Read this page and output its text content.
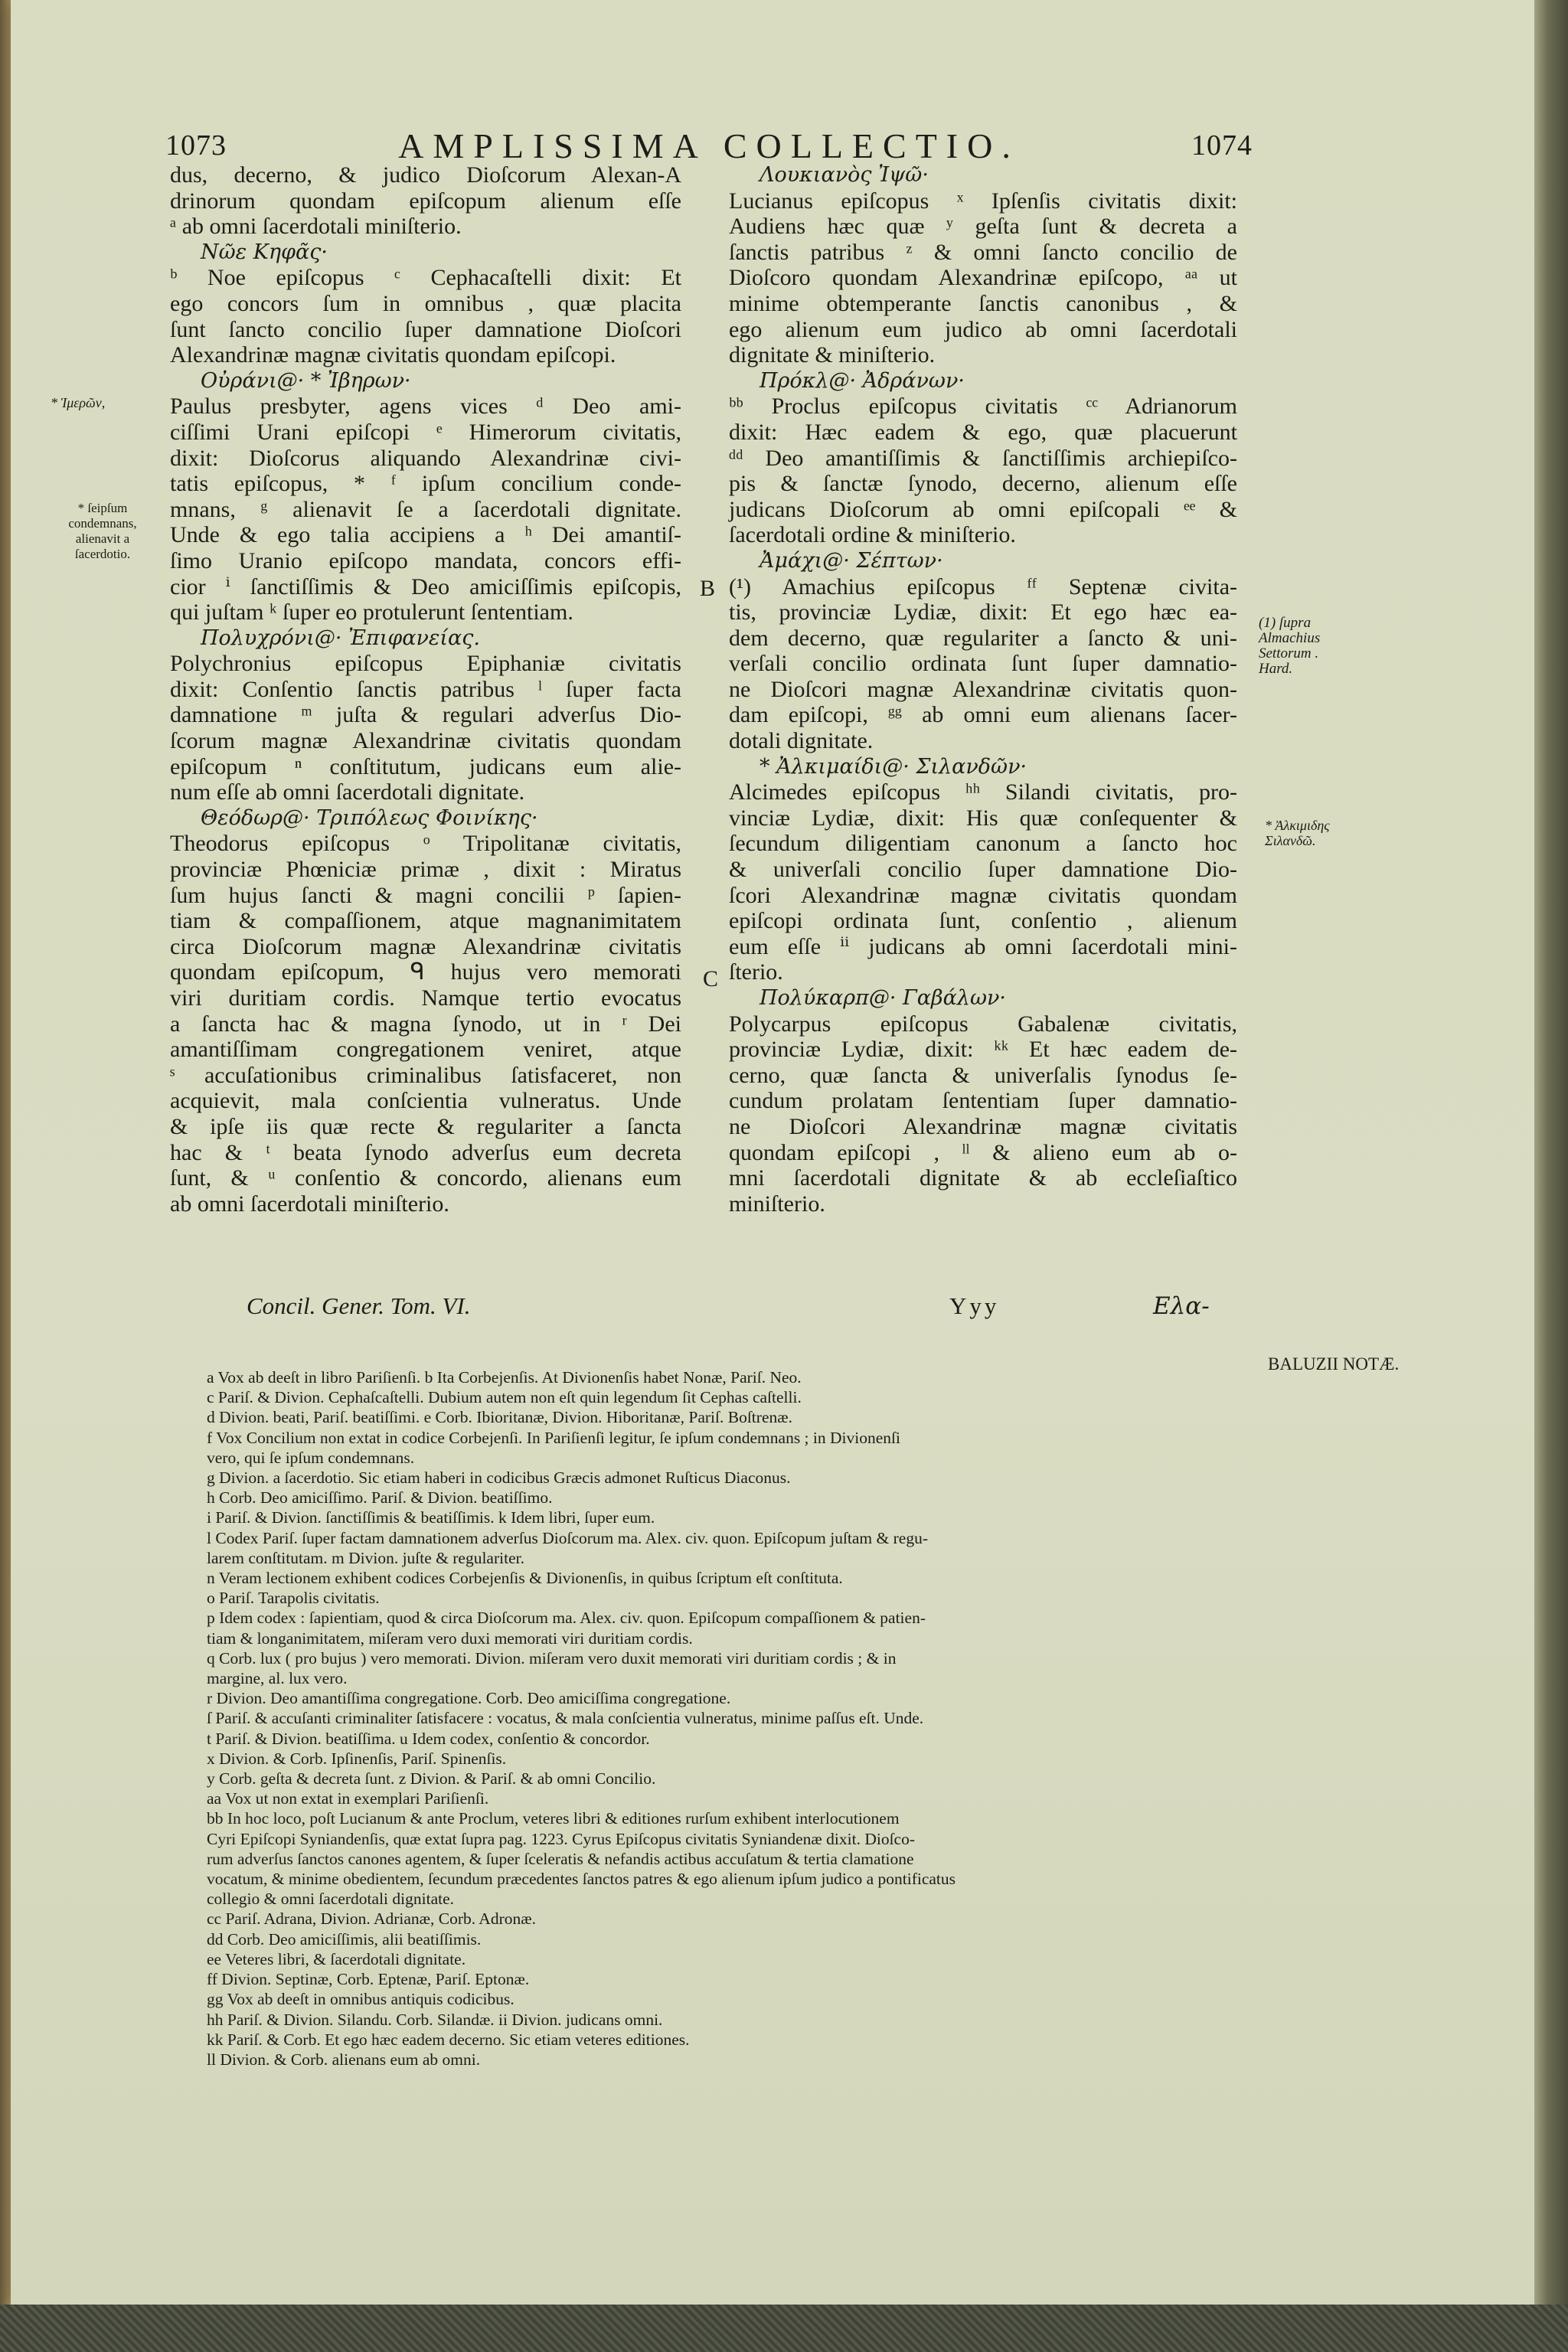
1073	AMPLISSIMA COLLECTIO.	1074

dus, decerno, & judico Dioſcorum Alexan-A

drinorum quondam epiſcopum alienum eſſe

ᵃ ab omni ſacerdotali miniſterio.

Νῶε Κηφᾶς·

ᵇ Noe epiſcopus ᶜ Cephacaſtelli dixit: Et

ego concors ſum in omnibus , quæ placita

ſunt ſancto concilio ſuper damnatione Dioſcori

Alexandrinæ magnæ civitatis quondam epiſcopi.

Οὐράνι@· * Ἰβηρων·

Paulus presbyter, agens vices ᵈ Deo ami-

ciſſimi Urani epiſcopi ᵉ Himerorum civitatis,

dixit: Dioſcorus aliquando Alexandrinæ civi-

tatis epiſcopus, * ᶠ ipſum concilium conde-

mnans, ᵍ alienavit ſe a ſacerdotali dignitate.

Unde & ego talia accipiens a ʰ Dei amantiſ-

ſimo Uranio epiſcopo mandata, concors effi-

cior ⁱ ſanctiſſimis & Deo amiciſſimis epiſcopis,

qui juſtam ᵏ ſuper eo protulerunt ſententiam.

Πολυχρόνι@· Ἐπιφανείας.

Polychronius epiſcopus Epiphaniæ civitatis

dixit: Conſentio ſanctis patribus ˡ ſuper facta

damnatione ᵐ juſta & regulari adverſus Dio-

ſcorum magnæ Alexandrinæ civitatis quondam

epiſcopum ⁿ conſtitutum, judicans eum alie-

num eſſe ab omni ſacerdotali dignitate.

Θεόδωρ@· Τριπόλεως Φοινίκης·

Theodorus epiſcopus ᵒ Tripolitanæ civitatis,

provinciæ Phœniciæ primæ , dixit : Miratus

ſum hujus ſancti & magni concilii ᵖ ſapien-

tiam & compaſſionem, atque magnanimitatem

circa Dioſcorum magnæ Alexandrinæ civitatis

quondam epiſcopum, ᑫ hujus vero memorati

viri duritiam cordis. Namque tertio evocatus

a ſancta hac & magna ſynodo, ut in ʳ Dei

amantiſſimam congregationem veniret, atque

ˢ accuſationibus criminalibus ſatisfaceret, non

acquievit, mala conſcientia vulneratus. Unde

& ipſe iis quæ recte & regulariter a ſancta

hac & ᵗ beata ſynodo adverſus eum decreta

ſunt, & ᵘ conſentio & concordo, alienans eum

ab omni ſacerdotali miniſterio.

Λουκιανὸς Ἰψῶ·

Lucianus epiſcopus ˣ Ipſenſis civitatis dixit:

Audiens hæc quæ ʸ geſta ſunt & decreta a

ſanctis patribus ᶻ & omni ſancto concilio de

Dioſcoro quondam Alexandrinæ epiſcopo, ᵃᵃ ut

minime obtemperante ſanctis canonibus , &

ego alienum eum judico ab omni ſacerdotali

dignitate & miniſterio.

Πρόκλ@· Ἀδράνων·

ᵇᵇ Proclus epiſcopus civitatis ᶜᶜ Adrianorum

dixit: Hæc eadem & ego, quæ placuerunt

ᵈᵈ Deo amantiſſimis & ſanctiſſimis archiepiſco-

pis & ſanctæ ſynodo, decerno, alienum eſſe

judicans Dioſcorum ab omni epiſcopali ᵉᵉ &

ſacerdotali ordine & miniſterio.

Ἀμάχι@· Σέπτων·

(¹) Amachius epiſcopus ᶠᶠ Septenæ civita-

tis, provinciæ Lydiæ, dixit: Et ego hæc ea-

dem decerno, quæ regulariter a ſancto & uni-

verſali concilio ordinata ſunt ſuper damnatio-

ne Dioſcori magnæ Alexandrinæ civitatis quon-

dam epiſcopi, ᵍᵍ ab omni eum alienans ſacer-

dotali dignitate.

* Ἀλκιμαίδι@· Σιλανδῶν·

Alcimedes epiſcopus ʰʰ Silandi civitatis, pro-

vinciæ Lydiæ, dixit: His quæ conſequenter &

ſecundum diligentiam canonum a ſancto hoc

& univerſali concilio ſuper damnatione Dio-

ſcori Alexandrinæ magnæ civitatis quondam

epiſcopi ordinata ſunt, conſentio , alienum

eum eſſe ⁱⁱ judicans ab omni ſacerdotali mini-

ſterio.

Πολύκαρπ@· Γαβάλων·

Polycarpus epiſcopus Gabalenæ civitatis,

provinciæ Lydiæ, dixit: ᵏᵏ Et hæc eadem de-

cerno, quæ ſancta & univerſalis ſynodus ſe-

cundum prolatam ſententiam ſuper damnatio-

ne Dioſcori Alexandrinæ magnæ civitatis

quondam epiſcopi , ˡˡ & alieno eum ab o-

mni ſacerdotali dignitate & ab eccleſiaſtico

miniſterio.

* Ἱμερῶν,
* ſeipſum condemnans, alienavit a ſacerdotio.
(1) ſupra Almachius Settorum . Hard.
* Ἀλκιμιδης Σιλανδῶ.
B
C
Concil. Gener. Tom. VI.	Yyy	Ελα-
BALUZII NOTÆ.
a Vox ab deeſt in libro Pariſienſi. b Ita Corbejenſis. At Divionenſis habet Nonæ, Pariſ. Neo.
c Pariſ. & Divion. Cephaſcaſtelli. Dubium autem non eſt quin legendum ſit Cephas caſtelli.
d Divion. beati, Pariſ. beatiſſimi. e Corb. Ibioritanæ, Divion. Hiboritanæ, Pariſ. Boſtrenæ.
f Vox Concilium non extat in codice Corbejenſi. In Pariſienſi legitur, ſe ipſum condemnans ; in Divionenſi
vero, qui ſe ipſum condemnans.
g Divion. a ſacerdotio. Sic etiam haberi in codicibus Græcis admonet Ruſticus Diaconus.
h Corb. Deo amiciſſimo. Pariſ. & Divion. beatiſſimo.
i Pariſ. & Divion. ſanctiſſimis & beatiſſimis. k Idem libri, ſuper eum.
l Codex Pariſ. ſuper factam damnationem adverſus Dioſcorum ma. Alex. civ. quon. Epiſcopum juſtam & regu-
larem conſtitutam. m Divion. juſte & regulariter.
n Veram lectionem exhibent codices Corbejenſis & Divionenſis, in quibus ſcriptum eſt conſtituta.
o Pariſ. Tarapolis civitatis.
p Idem codex : ſapientiam, quod & circa Dioſcorum ma. Alex. civ. quon. Epiſcopum compaſſionem & patien-
tiam & longanimitatem, miſeram vero duxi memorati viri duritiam cordis.
q Corb. lux ( pro bujus ) vero memorati. Divion. miſeram vero duxit memorati viri duritiam cordis ; & in
margine, al. lux vero.
r Divion. Deo amantiſſima congregatione. Corb. Deo amiciſſima congregatione.
ſ Pariſ. & accuſanti criminaliter ſatisfacere : vocatus, & mala conſcientia vulneratus, minime paſſus eſt. Unde.
t Pariſ. & Divion. beatiſſima. u Idem codex, conſentio & concordor.
x Divion. & Corb. Ipſinenſis, Pariſ. Spinenſis.
y Corb. geſta & decreta ſunt. z Divion. & Pariſ. & ab omni Concilio.
aa Vox ut non extat in exemplari Pariſienſi.
bb In hoc loco, poſt Lucianum & ante Proclum, veteres libri & editiones rurſum exhibent interlocutionem
Cyri Epiſcopi Syniandenſis, quæ extat ſupra pag. 1223. Cyrus Epiſcopus civitatis Syniandenæ dixit. Dioſco-
rum adverſus ſanctos canones agentem, & ſuper ſceleratis & nefandis actibus accuſatum & tertia clamatione
vocatum, & minime obedientem, ſecundum præcedentes ſanctos patres & ego alienum ipſum judico a pontificatus
collegio & omni ſacerdotali dignitate.
cc Pariſ. Adrana, Divion. Adrianæ, Corb. Adronæ.
dd Corb. Deo amiciſſimis, alii beatiſſimis.
ee Veteres libri, & ſacerdotali dignitate.
ff Divion. Septinæ, Corb. Eptenæ, Pariſ. Eptonæ.
gg Vox ab deeſt in omnibus antiquis codicibus.
hh Pariſ. & Divion. Silandu. Corb. Silandæ. ii Divion. judicans omni.
kk Pariſ. & Corb. Et ego hæc eadem decerno. Sic etiam veteres editiones.
ll Divion. & Corb. alienans eum ab omni.
